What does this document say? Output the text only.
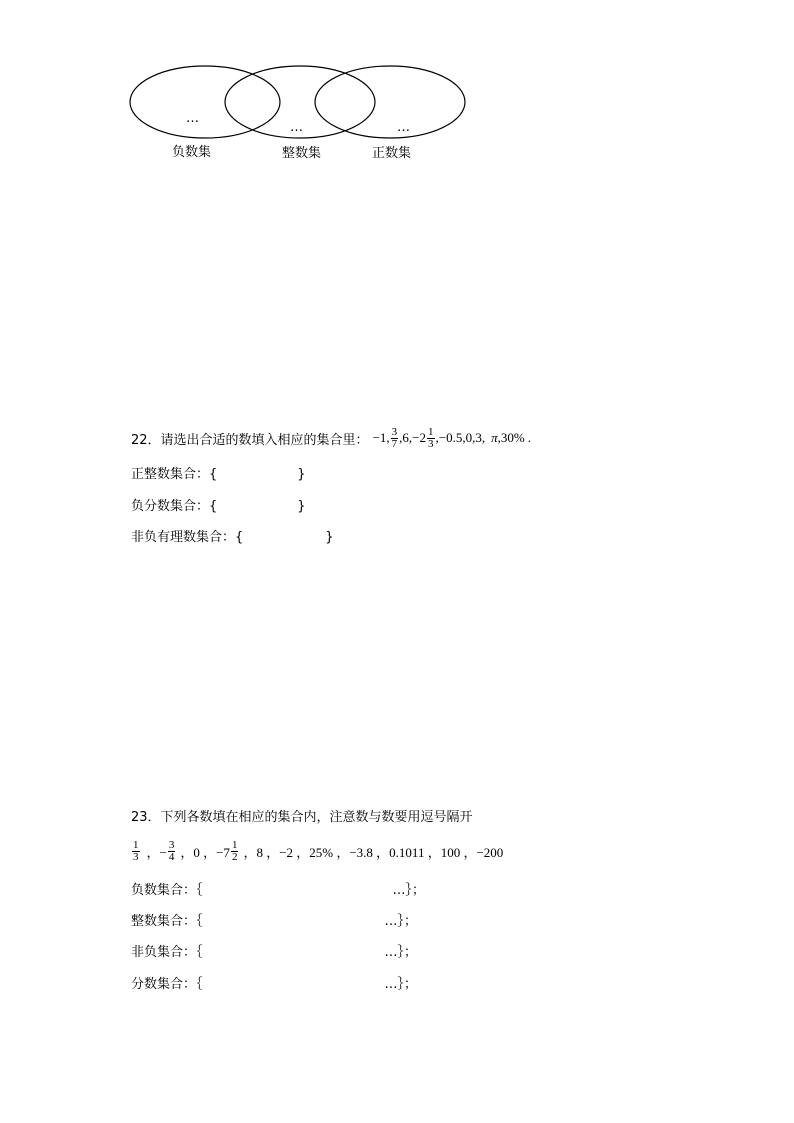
…
…	…
负数集	整数集	正数集
22． 请选出合适的数填入相应的集合里： −1, $\frac{3}{7} ,6,- 2 \frac{1}{3} ,-0.5,0,3$, π ,30% .
正整数集合：{	}
负分数集合：{	}
非负有理数集合：{	}
23．下列各数填在相应的集合内，注意数与数要用逗号隔开
$\frac{1}{3}$ ，− $\frac{3}{4}$ ，0 ，$-7 \frac{1}{2}$ ，8 ，−2 ，25% ，−3.8 ，0.1011 ，100 ，−200
负数集合：｛	…｝；
整数集合：｛	…｝；
非负集合：｛	…｝；
分数集合：｛	…｝；
